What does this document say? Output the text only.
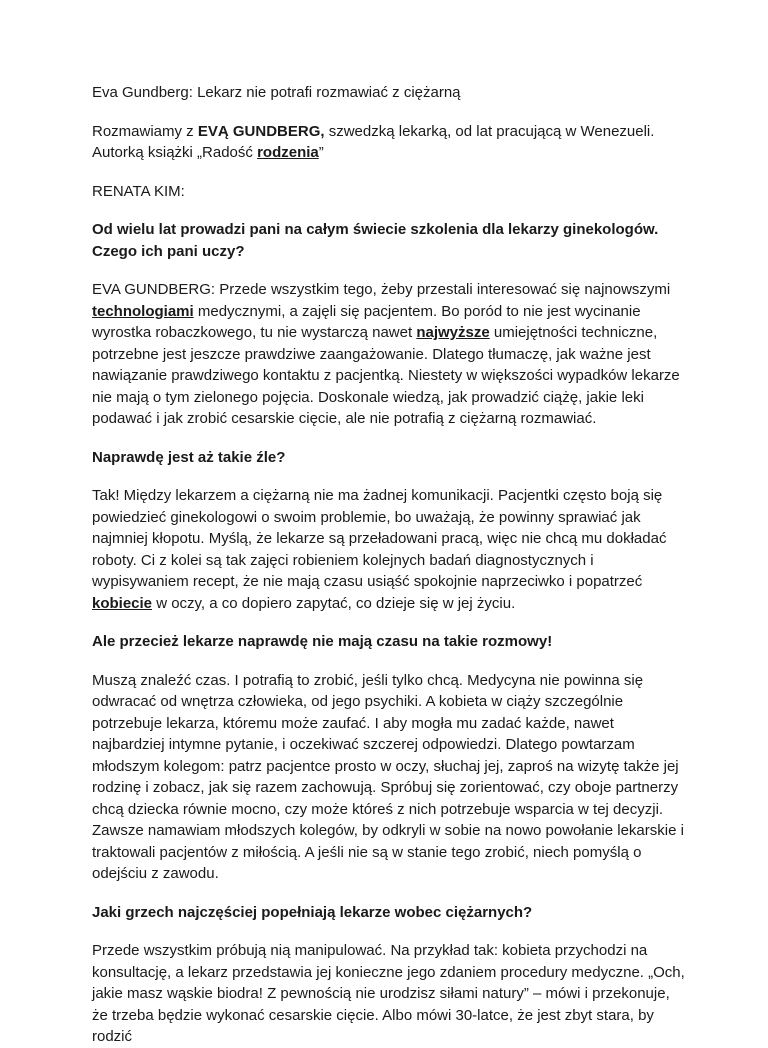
Eva Gundberg: Lekarz nie potrafi rozmawiać z ciężarną

Rozmawiamy z EVĄ GUNDBERG, szwedzką lekarką, od lat pracującą w Wenezueli. Autorką książki „Radość rodzenia”

RENATA KIM:

Od wielu lat prowadzi pani na całym świecie szkolenia dla lekarzy ginekologów. Czego ich pani uczy?

EVA GUNDBERG: Przede wszystkim tego, żeby przestali interesować się najnowszymi technologiami medycznymi, a zajęli się pacjentem. Bo poród to nie jest wycinanie wyrostka robaczkowego, tu nie wystarczą nawet najwyższe umiejętności techniczne, potrzebne jest jeszcze prawdziwe zaangażowanie. Dlatego tłumaczę, jak ważne jest nawiązanie prawdziwego kontaktu z pacjentką. Niestety w większości wypadków lekarze nie mają o tym zielonego pojęcia. Doskonale wiedzą, jak prowadzić ciążę, jakie leki podawać i jak zrobić cesarskie cięcie, ale nie potrafią z ciężarną rozmawiać.

Naprawdę jest aż takie źle?

Tak! Między lekarzem a ciężarną nie ma żadnej komunikacji. Pacjentki często boją się powiedzieć ginekologowi o swoim problemie, bo uważają, że powinny sprawiać jak najmniej kłopotu. Myślą, że lekarze są przeładowani pracą, więc nie chcą mu dokładać roboty. Ci z kolei są tak zajęci robieniem kolejnych badań diagnostycznych i wypisywaniem recept, że nie mają czasu usiąść spokojnie naprzeciwko i popatrzeć kobiecie w oczy, a co dopiero zapytać, co dzieje się w jej życiu.

Ale przecież lekarze naprawdę nie mają czasu na takie rozmowy!

Muszą znaleźć czas. I potrafią to zrobić, jeśli tylko chcą. Medycyna nie powinna się odwracać od wnętrza człowieka, od jego psychiki. A kobieta w ciąży szczególnie potrzebuje lekarza, któremu może zaufać. I aby mogła mu zadać każde, nawet najbardziej intymne pytanie, i oczekiwać szczerej odpowiedzi. Dlatego powtarzam młodszym kolegom: patrz pacjentce prosto w oczy, słuchaj jej, zaproś na wizytę także jej rodzinę i zobacz, jak się razem zachowują. Spróbuj się zorientować, czy oboje partnerzy chcą dziecka równie mocno, czy może któreś z nich potrzebuje wsparcia w tej decyzji. Zawsze namawiam młodszych kolegów, by odkryli w sobie na nowo powołanie lekarskie i traktowali pacjentów z miłością. A jeśli nie są w stanie tego zrobić, niech pomyślą o odejściu z zawodu.

Jaki grzech najczęściej popełniają lekarze wobec ciężarnych?

Przede wszystkim próbują nią manipulować. Na przykład tak: kobieta przychodzi na konsultację, a lekarz przedstawia jej konieczne jego zdaniem procedury medyczne. „Och, jakie masz wąskie biodra! Z pewnością nie urodzisz siłami natury” – mówi i przekonuje, że trzeba będzie wykonać cesarskie cięcie. Albo mówi 30-latce, że jest zbyt stara, by rodzić
